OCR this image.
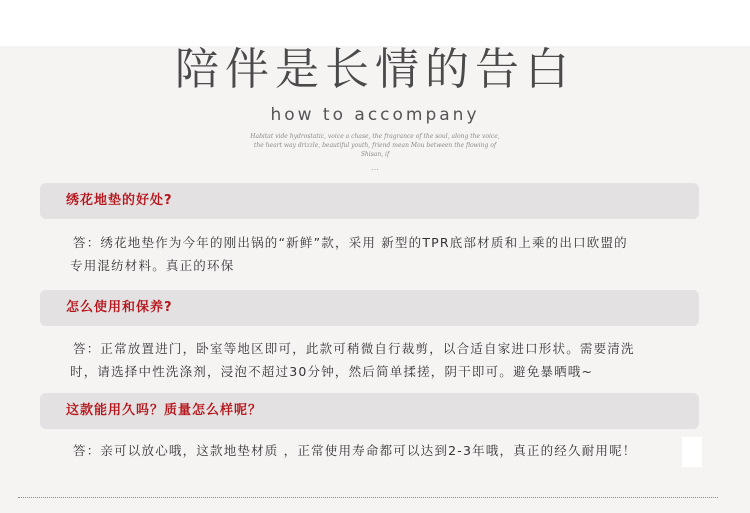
陪伴是长情的告白
how to accompany
Habitat vide hydrostatic, voice a chase, the fragrance of the soul, along the voice, the heart way drizzle, beautiful youth, friend mean Mou between the flowing of Shisan, if
…
绣花地垫的好处?
答：绣花地垫作为今年的刚出锅的“新鲜”款，采用 新型的TPR底部材质和上乘的出口欧盟的
专用混纺材料。真正的环保
怎么使用和保养?
答：正常放置进门，卧室等地区即可，此款可稍微自行裁剪，以合适自家进口形状。需要清洗
时，请选择中性洗涤剂，浸泡不超过30分钟，然后简单揉搓，阴干即可。避免暴晒哦~
这款能用久吗？质量怎么样呢？
答：亲可以放心哦，这款地垫材质 ，正常使用寿命都可以达到2-3年哦，真正的经久耐用呢！
